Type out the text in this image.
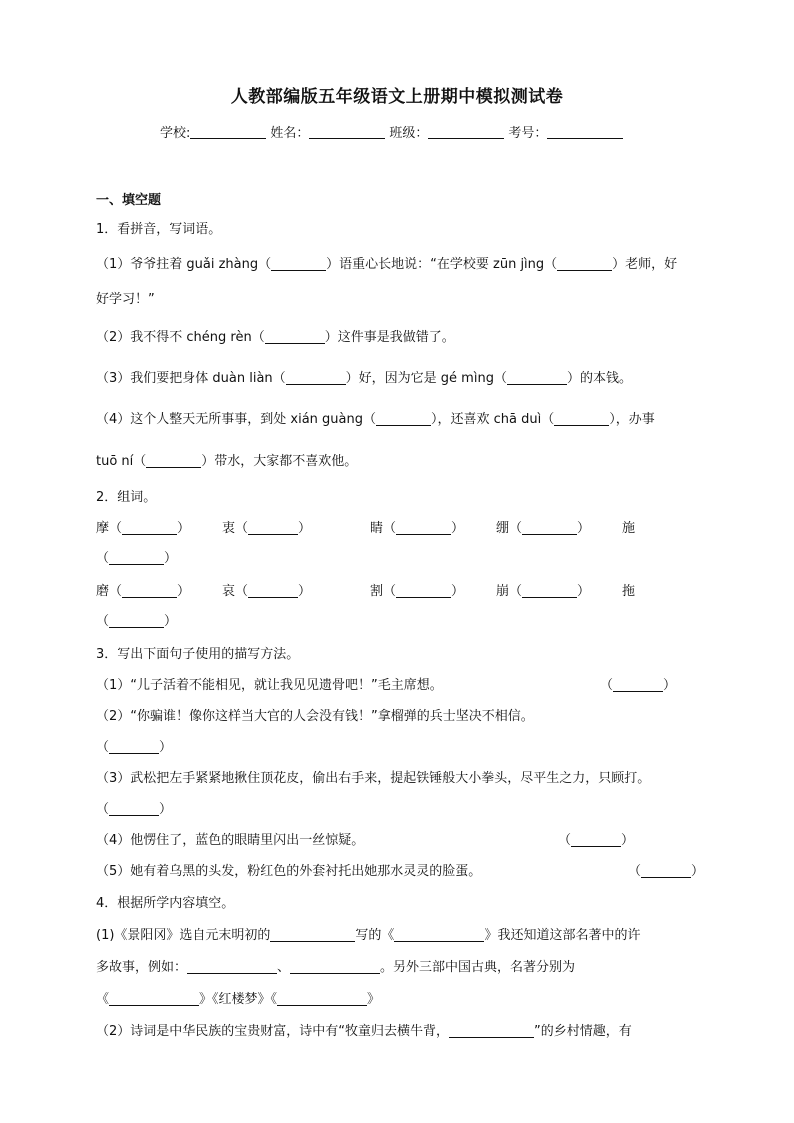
人教部编版五年级语文上册期中模拟测试卷
学校:	姓名：	班级：	考号：
一、填空题
1．看拼音，写词语。
（1）爷爷拄着 guǎi zhàng（	）语重心长地说：“在学校要 zūn jìng（	）老师，好
好学习！”
（2）我不得不 chéng rèn（	）这件事是我做错了。
（3）我们要把身体 duàn liàn（	）好，因为它是 gé mìng（	）的本钱。
（4）这个人整天无所事事，到处 xián guàng（	），还喜欢 chā duì（	），办事
tuō ní（	）带水，大家都不喜欢他。
2．组词。
摩（	） 衷（	）	睛（	） 绷（	） 施
（	）
磨（	） 哀（	）	割（	） 崩（	） 拖
（	）
3．写出下面句子使用的描写方法。
（1）“儿子活着不能相见，就让我见见遗骨吧！”毛主席想。	（	）
（2）“你骗谁！像你这样当大官的人会没有钱！”拿榴弹的兵士坚决不相信。
（	）
（3）武松把左手紧紧地揪住顶花皮，偷出右手来，提起铁锤般大小拳头，尽平生之力，只顾打。
（	）
（4）他愣住了，蓝色的眼睛里闪出一丝惊疑。	（	）
（5）她有着乌黑的头发，粉红色的外套衬托出她那水灵灵的脸蛋。	（	）
4．根据所学内容填空。
(1)《景阳冈》选自元末明初的	写的《	》我还知道这部名著中的许
多故事，例如：	、	。另外三部中国古典，名著分别为
《	》《红楼梦》《	》
（2）诗词是中华民族的宝贵财富，诗中有“牧童归去横牛背，	”的乡村情趣，有
